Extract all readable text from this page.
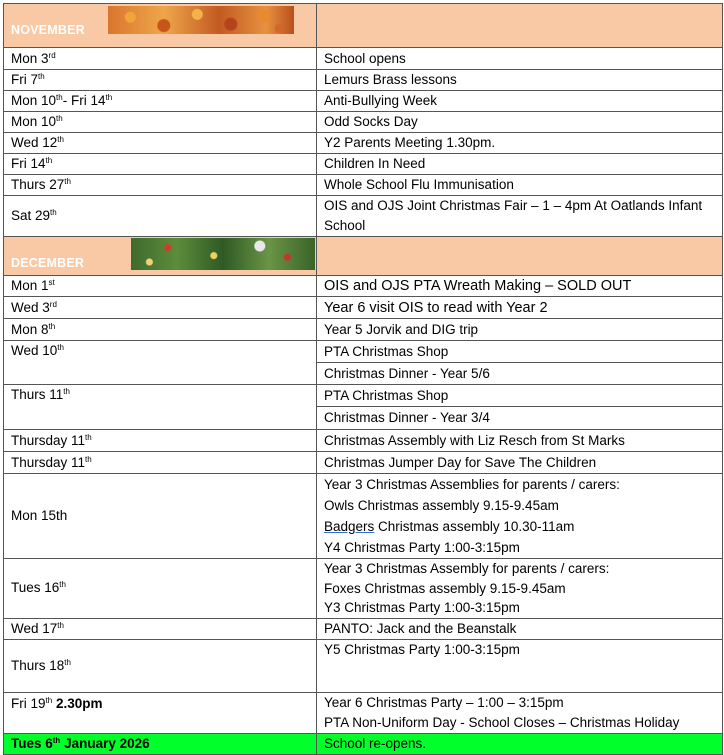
NOVEMBER	

Mon 3rd	School opens
Fri 7th	Lemurs Brass lessons
Mon 10th- Fri 14th	Anti-Bullying Week
Mon 10th	Odd Socks Day
Wed 12th	Y2 Parents Meeting 1.30pm.
Fri 14th	Children In Need
Thurs 27th	Whole School Flu Immunisation
Sat 29th	OIS and OJS Joint Christmas Fair – 1 – 4pm At Oatlands Infant School

DECEMBER	

Mon 1st	OIS and OJS PTA Wreath Making – SOLD OUT
Wed 3rd	Year 6 visit OIS to read with Year 2
Mon 8th	Year 5 Jorvik and DIG trip
Wed 10th	PTA Christmas Shop
	Christmas Dinner - Year 5/6
Thurs 11th	PTA Christmas Shop
	Christmas Dinner - Year 3/4
Thursday 11th	Christmas Assembly with Liz Resch from St Marks
Thursday 11th	Christmas Jumper Day for Save The Children
Mon 15th	Year 3 Christmas Assemblies for parents / carers:
Owls Christmas assembly 9.15-9.45am
Badgers Christmas assembly 10.30-11am
Y4 Christmas Party 1:00-3:15pm

Tues 16th	Year 3 Christmas Assembly for parents / carers:
Foxes Christmas assembly 9.15-9.45am
Y3 Christmas Party 1:00-3:15pm

Wed 17th	PANTO: Jack and the Beanstalk
Thurs 18th	Y5 Christmas Party 1:00-3:15pm
Fri 19th 2.30pm	Year 6 Christmas Party – 1:00 – 3:15pm
PTA Non-Uniform Day - School Closes – Christmas Holiday

Tues 6th January 2026	School re-opens.
